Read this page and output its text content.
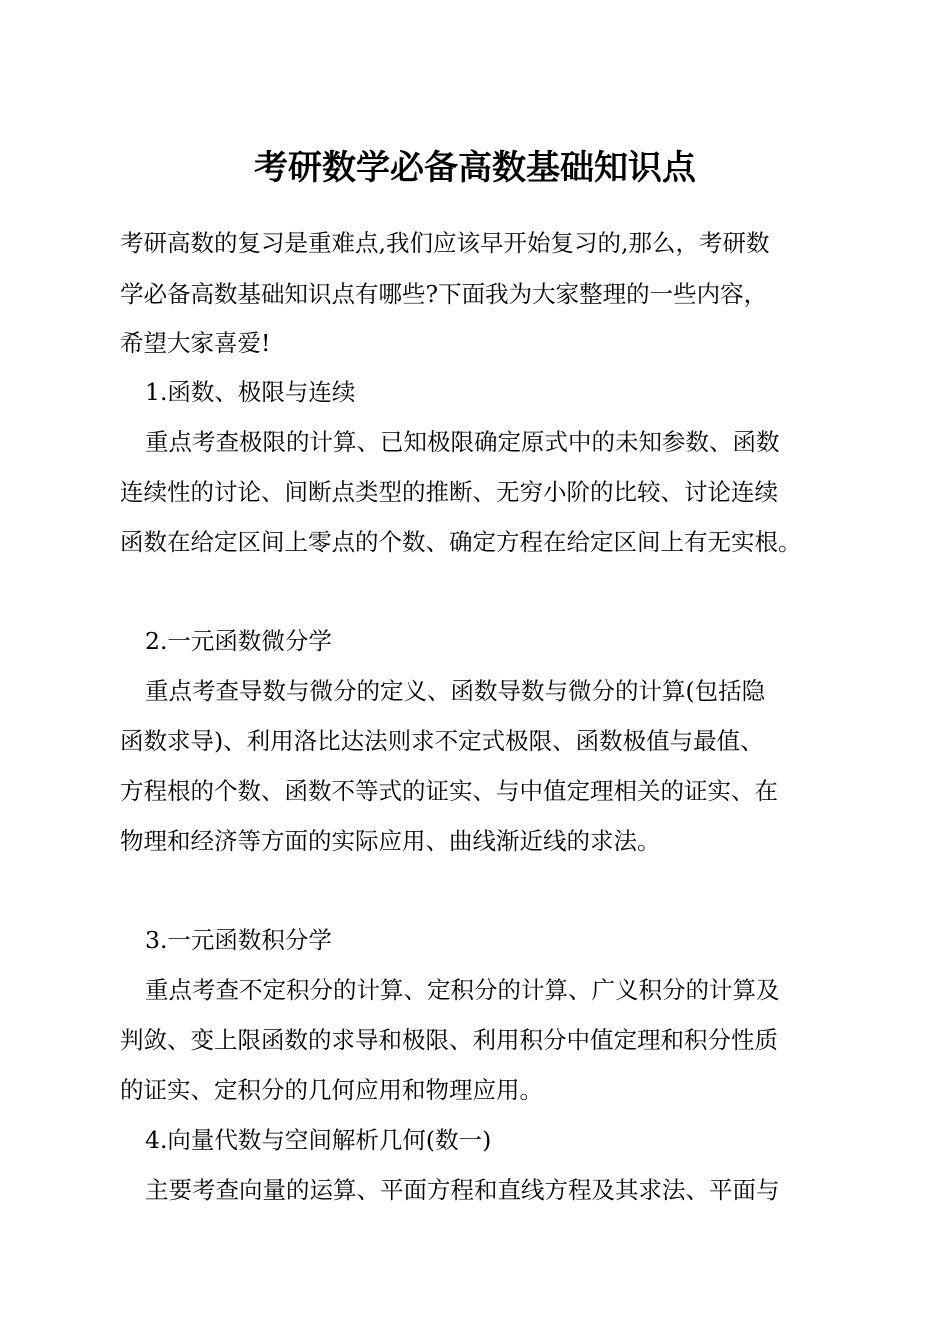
考研数学必备高数基础知识点

考研高数的复习是重难点,我们应该早开始复习的,那么，考研数

学必备高数基础知识点有哪些?下面我为大家整理的一些内容，

希望大家喜爱!

1.函数、极限与连续

重点考查极限的计算、已知极限确定原式中的未知参数、函数

连续性的讨论、间断点类型的推断、无穷小阶的比较、讨论连续

函数在给定区间上零点的个数、确定方程在给定区间上有无实根。

2.一元函数微分学

重点考查导数与微分的定义、函数导数与微分的计算(包括隐

函数求导)、利用洛比达法则求不定式极限、函数极值与最值、

方程根的个数、函数不等式的证实、与中值定理相关的证实、在

物理和经济等方面的实际应用、曲线渐近线的求法。

3.一元函数积分学

重点考查不定积分的计算、定积分的计算、广义积分的计算及

判敛、变上限函数的求导和极限、利用积分中值定理和积分性质

的证实、定积分的几何应用和物理应用。

4.向量代数与空间解析几何(数一)

主要考查向量的运算、平面方程和直线方程及其求法、平面与
